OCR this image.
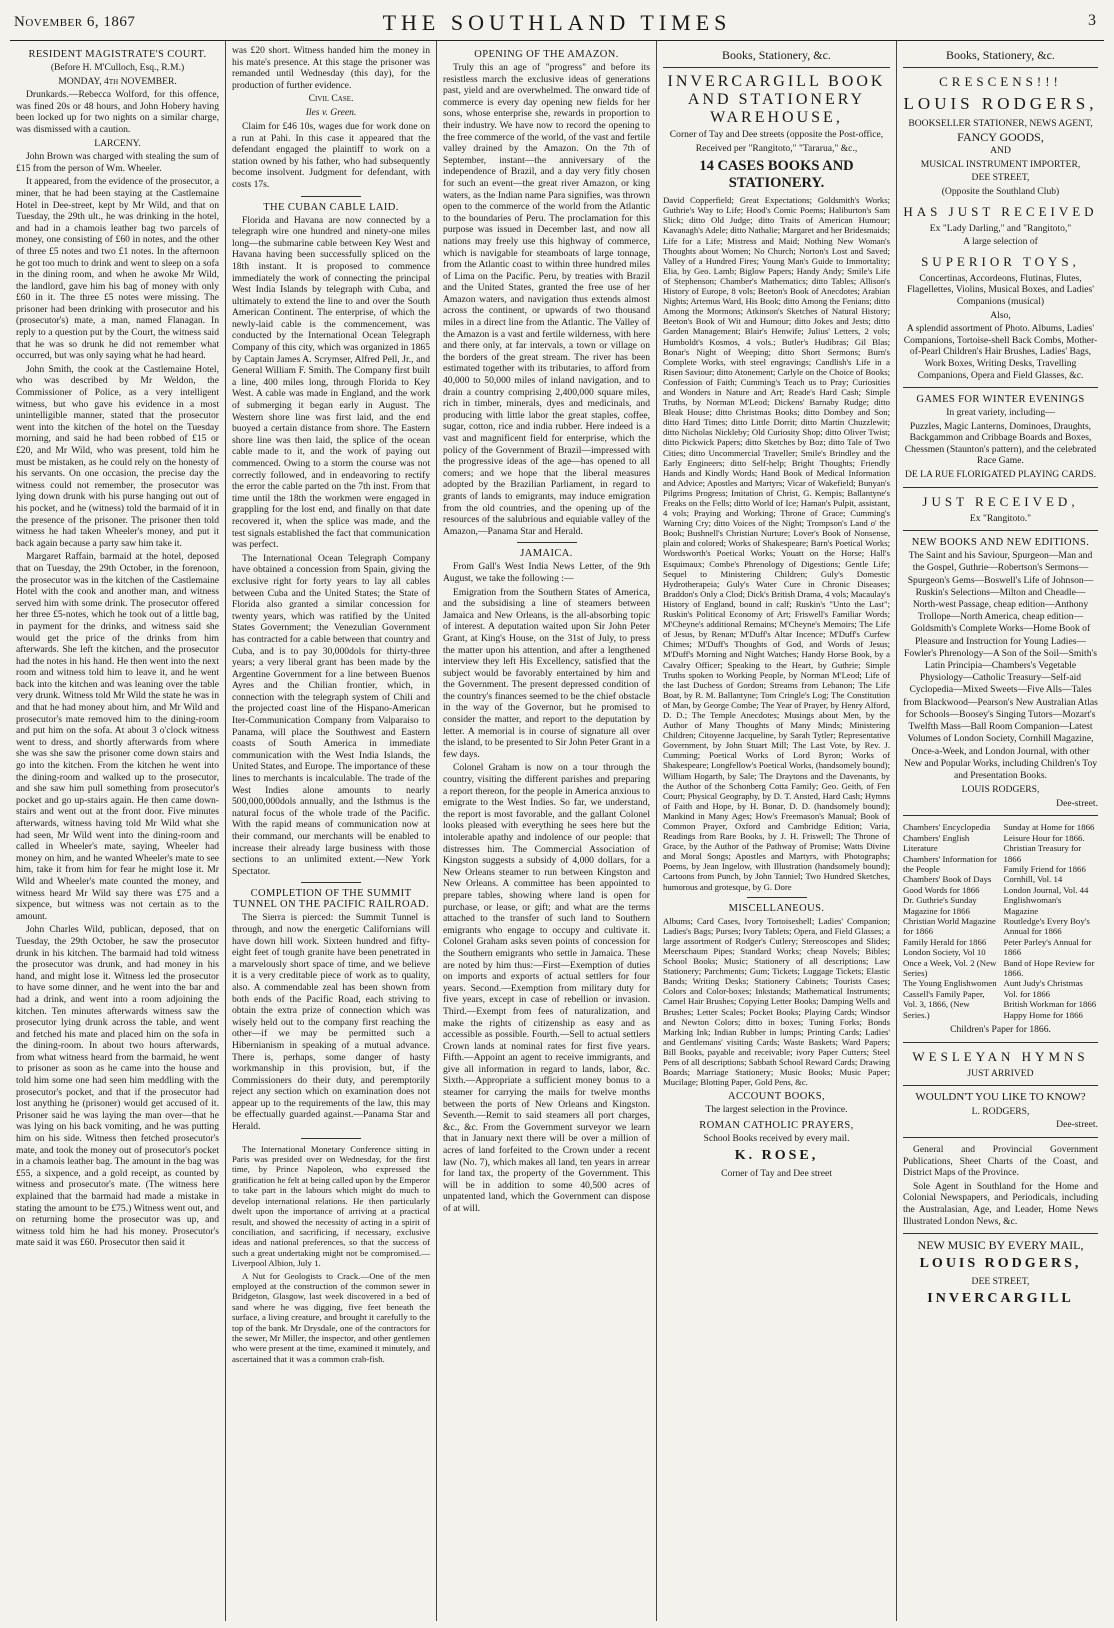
November 6, 1867	THE SOUTHLAND TIMES	3
RESIDENT MAGISTRATE'S COURT.
(Before H. M'Culloch, Esq., R.M.)
MONDAY, 4th NOVEMBER.

Drunkards.—Rebecca Wolford, for this offence, was fined 20s or 48 hours, and John Hobery having been locked up for two nights on a similar charge, was dismissed with a caution.

LARCENY.

John Brown was charged with stealing the sum of £15 from the person of Wm. Wheeler.

It appeared, from the evidence of the prosecutor, a miner, that he had been staying at the Castlemaine Hotel in Dee-street, kept by Mr Wild, and that on Tuesday, the 29th ult., he was drinking in the hotel, and had in a chamois leather bag two parcels of money, one consisting of £60 in notes, and the other of three £5 notes and two £1 notes. In the afternoon he got too much to drink and went to sleep on a sofa in the dining room, and when he awoke Mr Wild, the landlord, gave him his bag of money with only £60 in it. The three £5 notes were missing. The prisoner had been drinking with prosecutor and his (prosecutor's) mate, a man, named Flanagan. In reply to a question put by the Court, the witness said that he was so drunk he did not remember what occurred, but was only saying what he had heard.

John Smith, the cook at the Castlemaine Hotel, who was described by Mr Weldon, the Commissioner of Police, as a very intelligent witness, but who gave his evidence in a most unintelligible manner, stated that the prosecutor went into the kitchen of the hotel on the Tuesday morning, and said he had been robbed of £15 or £20, and Mr Wild, who was present, told him he must be mistaken, as he could rely on the honesty of his servants. On one occasion, the precise day the witness could not remember, the prosecutor was lying down drunk with his purse hanging out out of his pocket, and he (witness) told the barmaid of it in the presence of the prisoner. The prisoner then told witness he had taken Wheeler's money, and put it back again because a party saw him take it.

Margaret Raffain, barmaid at the hotel, deposed that on Tuesday, the 29th October, in the forenoon, the prosecutor was in the kitchen of the Castlemaine Hotel with the cook and another man, and witness served him with some drink. The prosecutor offered her three £5-notes, which he took out of a little bag, in payment for the drinks, and witness said she would get the price of the drinks from him afterwards. She left the kitchen, and the prosecutor had the notes in his hand. He then went into the next room and witness told him to leave it, and he went back into the kitchen and was leaning over the table very drunk. Witness told Mr Wild the state he was in and that he had money about him, and Mr Wild and prosecutor's mate removed him to the dining-room and put him on the sofa. At about 3 o'clock witness went to dress, and shortly afterwards from where she was she saw the prisoner come down stairs and go into the kitchen. From the kitchen he went into the dining-room and walked up to the prosecutor, and she saw him pull something from prosecutor's pocket and go up-stairs again. He then came down-stairs and went out at the front door. Five minutes afterwards, witness having told Mr Wild what she had seen, Mr Wild went into the dining-room and called in Wheeler's mate, saying, Wheeler had money on him, and he wanted Wheeler's mate to see him, take it from him for fear he might lose it. Mr Wild and Wheeler's mate counted the money, and witness heard Mr Wild say there was £75 and a sixpence, but witness was not certain as to the amount.

John Charles Wild, publican, deposed, that on Tuesday, the 29th October, he saw the prosecutor drunk in his kitchen. The barmaid had told witness the prosecutor was drunk, and had money in his hand, and might lose it. Witness led the prosecutor to have some dinner, and he went into the bar and had a drink, and went into a room adjoining the kitchen. Ten minutes afterwards witness saw the prosecutor lying drunk across the table, and went and fetched his mate and placed him on the sofa in the dining-room. In about two hours afterwards, from what witness heard from the barmaid, he went to prisoner as soon as he came into the house and told him some one had seen him meddling with the prosecutor's pocket, and that if the prosecutor had lost anything he (prisoner) would get accused of it. Prisoner said he was laying the man over—that he was lying on his back vomiting, and he was putting him on his side. Witness then fetched prosecutor's mate, and took the money out of prosecutor's pocket in a chamois leather bag. The amount in the bag was £55, a sixpence, and a gold receipt, as counted by witness and prosecutor's mate. (The witness here explained that the barmaid had made a mistake in stating the amount to be £75.) Witness went out, and on returning home the prosecutor was up, and witness told him he had his money. Prosecutor's mate said it was £60. Prosecutor then said it

was £20 short. Witness handed him the money in his mate's presence. At this stage the prisoner was remanded until Wednesday (this day), for the production of further evidence.

Civil Case.
Iles v. Green.

Claim for £46 10s, wages due for work done on a run at Pahi. In this case it appeared that the defendant engaged the plaintiff to work on a station owned by his father, who had subsequently become insolvent. Judgment for defendant, with costs 17s.

THE CUBAN CABLE LAID.

Florida and Havana are now connected by a telegraph wire one hundred and ninety-one miles long—the submarine cable between Key West and Havana having been successfully spliced on the 18th instant. It is proposed to commence immediately the work of connecting the principal West India Islands by telegraph with Cuba, and ultimately to extend the line to and over the South American Continent. The enterprise, of which the newly-laid cable is the commencement, was conducted by the International Ocean Telegraph Company of this city, which was organized in 1865 by Captain James A. Scrymser, Alfred Pell, Jr., and General William F. Smith. The Company first built a line, 400 miles long, through Florida to Key West. A cable was made in England, and the work of submerging it began early in August. The Western shore line was first laid, and the end buoyed a certain distance from shore. The Eastern shore line was then laid, the splice of the ocean cable made to it, and the work of paying out commenced. Owing to a storm the course was not correctly followed, and in endeavoring to rectify the error the cable parted on the 7th inst. From that time until the 18th the workmen were engaged in grappling for the lost end, and finally on that date recovered it, when the splice was made, and the test signals established the fact that communication was perfect.

The International Ocean Telegraph Company have obtained a concession from Spain, giving the exclusive right for forty years to lay all cables between Cuba and the United States; the State of Florida also granted a similar concession for twenty years, which was ratified by the United States Government; the Venezulian Government has contracted for a cable between that country and Cuba, and is to pay 30,000dols for thirty-three years; a very liberal grant has been made by the Argentine Government for a line between Buenos Ayres and the Chilian frontier, which, in connection with the telegraph system of Chili and the projected coast line of the Hispano-American Iter-Communication Company from Valparaiso to Panama, will place the Southwest and Eastern coasts of South America in immediate communication with the West India Islands, the United States, and Europe. The importance of these lines to merchants is incalculable. The trade of the West Indies alone amounts to nearly 500,000,000dols annually, and the Isthmus is the natural focus of the whole trade of the Pacific. With the rapid means of communication now at their command, our merchants will be enabled to increase their already large business with those sections to an unlimited extent.—New York Spectator.

COMPLETION OF THE SUMMIT TUNNEL ON THE PACIFIC RAILROAD.

The Sierra is pierced: the Summit Tunnel is through, and now the energetic Californians will have down hill work. Sixteen hundred and fifty-eight feet of tough granite have been penetrated in a marvelously short space of time, and we believe it is a very creditable piece of work as to quality, also. A commendable zeal has been shown from both ends of the Pacific Road, each striving to obtain the extra prize of connection which was wisely held out to the company first reaching the other—if we may be permitted such a Hibernianism in speaking of a mutual advance. There is, perhaps, some danger of hasty workmanship in this provision, but, if the Commissioners do their duty, and peremptorily reject any section which on examination does not appear up to the requirements of the law, this may be effectually guarded against.—Panama Star and Herald.

The International Monetary Conference sitting in Paris was presided over on Wednesday, for the first time, by Prince Napoleon, who expressed the gratification he felt at being called upon by the Emperor to take part in the labours which might do much to develop international relations. He then particularly dwelt upon the importance of arriving at a practical result, and showed the necessity of acting in a spirit of conciliation, and sacrificing, if necessary, exclusive ideas and national preferences, so that the success of such a great undertaking might not be compromised.—Liverpool Albion, July 1.

A Nut for Geologists to Crack.—One of the men employed at the construction of the common sewer in Bridgeton, Glasgow, last week discovered in a bed of sand where he was digging, five feet beneath the surface, a living creature, and brought it carefully to the top of the bank. Mr Drysdale, one of the contractors for the sewer, Mr Miller, the inspector, and other gentlemen who were present at the time, examined it minutely, and ascertained that it was a common crab-fish.

OPENING OF THE AMAZON.

Truly this an age of "progress" and before its resistless march the exclusive ideas of generations past, yield and are overwhelmed. The onward tide of commerce is every day opening new fields for her sons, whose enterprise she, rewards in proportion to their industry. We have now to record the opening to the free commerce of the world, of the vast and fertile valley drained by the Amazon. On the 7th of September, instant—the anniversary of the independence of Brazil, and a day very fitly chosen for such an event—the great river Amazon, or king waters, as the Indian name Para signifies, was thrown open to the commerce of the world from the Atlantic to the boundaries of Peru. The proclamation for this purpose was issued in December last, and now all nations may freely use this highway of commerce, which is navigable for steamboats of large tonnage, from the Atlantic coast to within three hundred miles of Lima on the Pacific. Peru, by treaties with Brazil and the United States, granted the free use of her Amazon waters, and navigation thus extends almost across the continent, or upwards of two thousand miles in a direct line from the Atlantic. The Valley of the Amazon is a vast and fertile wilderness, with here and there only, at far intervals, a town or village on the borders of the great stream. The river has been estimated together with its tributaries, to afford from 40,000 to 50,000 miles of inland navigation, and to drain a country comprising 2,400,000 square miles, rich in timber, minerals, dyes and medicinals, and producing with little labor the great staples, coffee, sugar, cotton, rice and india rubber. Here indeed is a vast and magnificent field for enterprise, which the policy of the Government of Brazil—impressed with the progressive ideas of the age—has opened to all comers; and we hope that the liberal measures adopted by the Brazilian Parliament, in regard to grants of lands to emigrants, may induce emigration from the old countries, and the opening up of the resources of the salubrious and equiable valley of the Amazon,—Panama Star and Herald.

JAMAICA.

From Gall's West India News Letter, of the 9th August, we take the following :—

Emigration from the Southern States of America, and the subsidising a line of steamers between Jamaica and New Orleans, is the all-absorbing topic of interest. A deputation waited upon Sir John Peter Grant, at King's House, on the 31st of July, to press the matter upon his attention, and after a lengthened interview they left His Excellency, satisfied that the subject would be favorably entertained by him and the Government. The present depressed condition of the country's finances seemed to be the chief obstacle in the way of the Governor, but he promised to consider the matter, and report to the deputation by letter. A memorial is in course of signature all over the island, to be presented to Sir John Peter Grant in a few days.

Colonel Graham is now on a tour through the country, visiting the different parishes and preparing a report thereon, for the people in America anxious to emigrate to the West Indies. So far, we understand, the report is most favorable, and the gallant Colonel looks pleased with everything he sees here but the intolerable apathy and indolence of our people: that distresses him. The Commercial Association of Kingston suggests a subsidy of 4,000 dollars, for a New Orleans steamer to run between Kingston and New Orleans. A committee has been appointed to prepare tables, showing where land is open for purchase, or lease, or gift; and what are the terms attached to the transfer of such land to Southern emigrants who engage to occupy and cultivate it. Colonel Graham asks seven points of concession for the Southern emigrants who settle in Jamaica. These are noted by him thus:—First—Exemption of duties on imports and exports of actual settlers for four years. Second.—Exemption from military duty for five years, except in case of rebellion or invasion. Third.—Exempt from fees of naturalization, and make the rights of citizenship as easy and as accessible as possible. Fourth.—Sell to actual settlers Crown lands at nominal rates for first five years. Fifth.—Appoint an agent to receive immigrants, and give all information in regard to lands, labor, &c. Sixth.—Appropriate a sufficient money bonus to a steamer for carrying the mails for twelve months between the ports of New Orleans and Kingston. Seventh.—Remit to said steamers all port charges, &c., &c. From the Government surveyor we learn that in January next there will be over a million of acres of land forfeited to the Crown under a recent law (No. 7), which makes all land, ten years in arrear for land tax, the property of the Government. This will be in addition to some 40,500 acres of unpatented land, which the Government can dispose of at will.

Books, Stationery, &c.
INVERCARGILL BOOK AND STATIONERY WAREHOUSE,
Corner of Tay and Dee streets (opposite the Post-office,
Received per "Rangitoto," "Tararua," &c.,
14 CASES BOOKS AND STATIONERY.

David Copperfield; Great Expectations; Goldsmith's Works; Guthrie's Way to Life; Hood's Comic Poems; Haliburton's Sam Slick; ditto Old Judge; ditto Traits of American Humour; Kavanagh's Adele; ditto Nathalie; Margaret and her Bridesmaids; Life for a Life; Mistress and Maid; Nothing New Woman's Thoughts about Women; No Church; Norton's Lost and Saved; Valley of a Hundred Fires; Young Man's Guide to Immortality; Elia, by Geo. Lamb; Biglow Papers; Handy Andy; Smile's Life of Stephenson; Chamber's Mathematics; ditto Tables; Allison's History of Europe, 8 vols; Beeton's Book of Anecdotes; Arabian Nights; Artemus Ward, His Book; ditto Among the Fenians; ditto Among the Mormons; Atkinson's Sketches of Natural History; Beeton's Book of Wit and Humour; ditto Jokes and Jests; ditto Garden Management; Blair's Henwife; Julius' Letters, 2 vols; Humboldt's Kosmos, 4 vols.; Butler's Hudibras; Gil Blas; Bonar's Night of Weeping; ditto Short Sermons; Burn's Complete Works, with steel engravings; Candlish's Life in a Risen Saviour; ditto Atonement; Carlyle on the Choice of Books; Confession of Faith; Cumming's Teach us to Pray; Curiosities and Wonders in Nature and Art; Reade's Hard Cash; Simple Truths, by Norman M'Leod; Dickens' Barnaby Rudge; ditto Bleak House; ditto Christmas Books; ditto Dombey and Son; ditto Hard Times; ditto Little Dorrit; ditto Martin Chuzzlewit; ditto Nicholas Nickleby; Old Curiosity Shop; ditto Oliver Twist; ditto Pickwick Papers; ditto Sketches by Boz; ditto Tale of Two Cities; ditto Uncommercial Traveller; Smile's Brindley and the Early Engineers; ditto Self-help; Bright Thoughts; Friendly Hands and Kindly Words; Hand Book of Medical Information and Advice; Apostles and Martyrs; Vicar of Wakefield; Bunyan's Pilgrims Progress; Imitation of Christ, G. Kempis; Ballantyne's Freaks on the Fells; ditto World of Ice; Haman's Pulpit, assistant, 4 vols; Praying and Working; Throne of Grace; Cumming's Warning Cry; ditto Voices of the Night; Trompson's Land o' the Book; Bushnell's Christian Nurture; Lover's Book of Nonsense, plain and colored; Works of Shakespeare; Barn's Poetical Works; Wordsworth's Poetical Works; Youatt on the Horse; Hall's Esquimaux; Combe's Phrenology of Digestions; Gentle Life; Sequel to Ministering Children; Guly's Domestic Hydrotherapeia; Guly's Water Cure in Chronic Diseases; Braddon's Only a Clod; Dick's British Drama, 4 vols; Macaulay's History of England, bound in calf; Ruskin's "Unto the Last"; Ruskin's Political Economy of Art; Friswell's Familiar Words; M'Cheyne's additional Remains; M'Cheyne's Memoirs; The Life of Jesus, by Renan; M'Duff's Altar Incence; M'Duff's Curfew Chimes; M'Duff's Thoughts of God, and Words of Jesus; M'Duff's Morning and Night Watches; Handy Horse Book, by a Cavalry Officer; Speaking to the Heart, by Guthrie; Simple Truths spoken to Working People, by Norman M'Leod; Life of the last Duchess of Gordon; Streams from Lebanon; The Life Boat, by R. M. Ballantyne; Tom Cringle's Log; The Constitution of Man, by George Combe; The Year of Prayer, by Henry Alford, D. D.; The Temple Anecdotes; Musings about Men, by the Author of Many Thoughts of Many Minds; Ministering Children; Citoyenne Jacqueline, by Sarah Tytler; Representative Government, by John Stuart Mill; The Last Vote, by Rev. J. Cumming; Poetical Works of Lord Byron; Works of Shakespeare; Longfellow's Poetical Works, (handsomely bound); William Hogarth, by Sale; The Draytons and the Davenants, by the Author of the Schonberg Cotta Family; Geo. Geith, of Fen Court; Physical Geography, by D. T. Ansted, Hard Cash; Hymns of Faith and Hope, by H. Bonar, D. D. (handsomely bound); Mankind in Many Ages; How's Freemason's Manual; Book of Common Prayer, Oxford and Cambridge Edition; Varia, Readings from Rare Books, by J. H. Friswell; The Throne of Grace, by the Author of the Pathway of Promise; Watts Divine and Moral Songs; Apostles and Martyrs, with Photographs; Poems, by Jean Ingelow, with Illustration (handsomely bound); Cartoons from Punch, by John Tanniel; Two Hundred Sketches, humorous and grotesque, by G. Dore

MISCELLANEOUS.

Albums; Card Cases, Ivory Tortoiseshell; Ladies' Companion; Ladies's Bags; Purses; Ivory Tablets; Opera, and Field Glasses; a large assortment of Rodger's Cutlery; Stereoscopes and Slides; Meerschaum Pipes; Standard Works; cheap Novels; Bibles; School Books; Music; Stationery of all descriptions; Law Stationery; Parchments; Gum; Tickets; Luggage Tickets; Elastic Bands; Writing Desks; Stationery Cabinets; Tourists Cases; Colors and Color-boxes; Inkstands; Mathematical Instruments; Camel Hair Brushes; Copying Letter Books; Damping Wells and Brushes; Letter Scales; Pocket Books; Playing Cards; Windsor and Newton Colors; ditto in boxes; Tuning Forks; Bonds Marking Ink; Indian Rubber in lumps; Printing Cards; Ladies' and Gentlemans' visiting Cards; Waste Baskets; Ward Papers; Bill Books, payable and receivable; ivory Paper Cutters; Steel Pens of all descriptions; Sabbath School Reward Cards; Drawing Boards; Marriage Stationery; Music Books; Music Paper; Mucilage; Blotting Paper, Gold Pens, &c.

ACCOUNT BOOKS,
The largest selection in the Province.
ROMAN CATHOLIC PRAYERS,
School Books received by every mail.
K. ROSE,
Corner of Tay and Dee street
Books, Stationery, &c.
CRESCENS!!!
LOUIS RODGERS,
BOOKSELLER STATIONER, NEWS AGENT,
FANCY GOODS,
AND
MUSICAL INSTRUMENT IMPORTER,
DEE STREET,
(Opposite the Southland Club)
HAS JUST RECEIVED
Ex "Lady Darling," and "Rangitoto,"
A large selection of
SUPERIOR TOYS,

Concertinas, Accordeons, Flutinas, Flutes, Flagellettes, Violins, Musical Boxes, and Ladies' Companions (musical)

Also,

A splendid assortment of Photo. Albums, Ladies' Companions, Tortoise-shell Back Combs, Mother-of-Pearl Children's Hair Brushes, Ladies' Bags, Work Boxes, Writing Desks, Travelling Companions, Opera and Field Glasses, &c.

GAMES FOR WINTER EVENINGS
In great variety, including—

Puzzles, Magic Lanterns, Dominoes, Draughts, Backgammon and Cribbage Boards and Boxes, Chessmen (Staunton's pattern), and the celebrated Race Game.

DE LA RUE FLORIGATED PLAYING CARDS.
JUST RECEIVED,
Ex "Rangitoto."
NEW BOOKS AND NEW EDITIONS.

The Saint and his Saviour, Spurgeon—Man and the Gospel, Guthrie—Robertson's Sermons—Spurgeon's Gems—Boswell's Life of Johnson—Ruskin's Selections—Milton and Cheadle—North-west Passage, cheap edition—Anthony Trollope—North America, cheap edition—Goldsmith's Complete Works—Home Book of Pleasure and Instruction for Young Ladies—Fowler's Phrenology—A Son of the Soil—Smith's Latin Principia—Chambers's Vegetable Physiology—Catholic Treasury—Self-aid Cyclopedia—Mixed Sweets—Five Alls—Tales from Blackwood—Pearson's New Australian Atlas for Schools—Boosey's Singing Tutors—Mozart's Twelfth Mass—Ball Room Companion—Latest Volumes of London Society, Cornhill Magazine, Once-a-Week, and London Journal, with other New and Popular Works, including Children's Toy and Presentation Books.

LOUIS RODGERS,
Dee-street.
Chambers' Encyclopedia
Chambers' English Literature
Chambers' Information for the People
Chambers' Book of Days
Good Words for 1866
Dr. Guthrie's Sunday Magazine for 1866
Christian World Magazine for 1866
Family Herald for 1866
London Society, Vol 10
Once a Week, Vol. 2 (New Series)
The Young Englishwomen
Cassell's Family Paper, Vol. 3, 1866, (New Series.)
Sunday at Home for 1866
Leisure Hour for 1866.
Christian Treasury for 1866
Family Friend for 1866
Cornhill, Vol. 14
London Journal, Vol. 44
Englishwoman's Magazine
Routledge's Every Boy's Annual for 1866
Peter Parley's Annual for 1866
Band of Hope Review for 1866.
Aunt Judy's Christmas Vol. for 1866
British Workman for 1866
Happy Home for 1866
Children's Paper for 1866.
WESLEYAN HYMNS
JUST ARRIVED
WOULDN'T YOU LIKE TO KNOW?
L. RODGERS,
Dee-street.

General and Provincial Government Publications, Sheet Charts of the Coast, and District Maps of the Province.

Sole Agent in Southland for the Home and Colonial Newspapers, and Periodicals, including the Australasian, Age, and Leader, Home News Illustrated London News, &c.

NEW MUSIC BY EVERY MAIL,
LOUIS RODGERS,
DEE STREET,
INVERCARGILL
